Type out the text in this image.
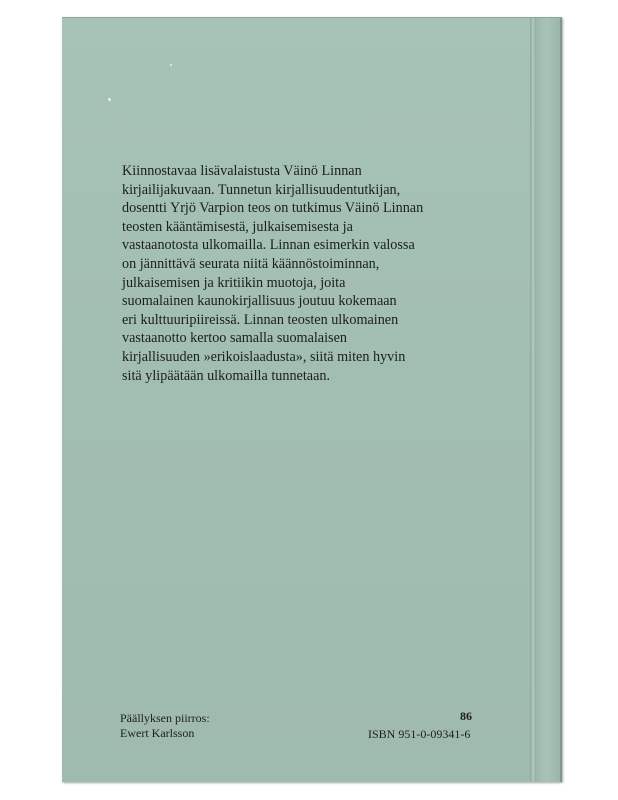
Kiinnostavaa lisävalaistusta Väinö Linnan
kirjailijakuvaan. Tunnetun kirjallisuudentutkijan,
dosentti Yrjö Varpion teos on tutkimus Väinö Linnan
teosten kääntämisestä, julkaisemisesta ja
vastaanotosta ulkomailla. Linnan esimerkin valossa
on jännittävä seurata niitä käännöstoiminnan,
julkaisemisen ja kritiikin muotoja, joita
suomalainen kaunokirjallisuus joutuu kokemaan
eri kulttuuripiireissä. Linnan teosten ulkomainen
vastaanotto kertoo samalla suomalaisen
kirjallisuuden »erikoislaadusta», siitä miten hyvin
sitä ylipäätään ulkomailla tunnetaan.
Päällyksen piirros:
Ewert Karlsson
86
ISBN 951-0-09341-6
